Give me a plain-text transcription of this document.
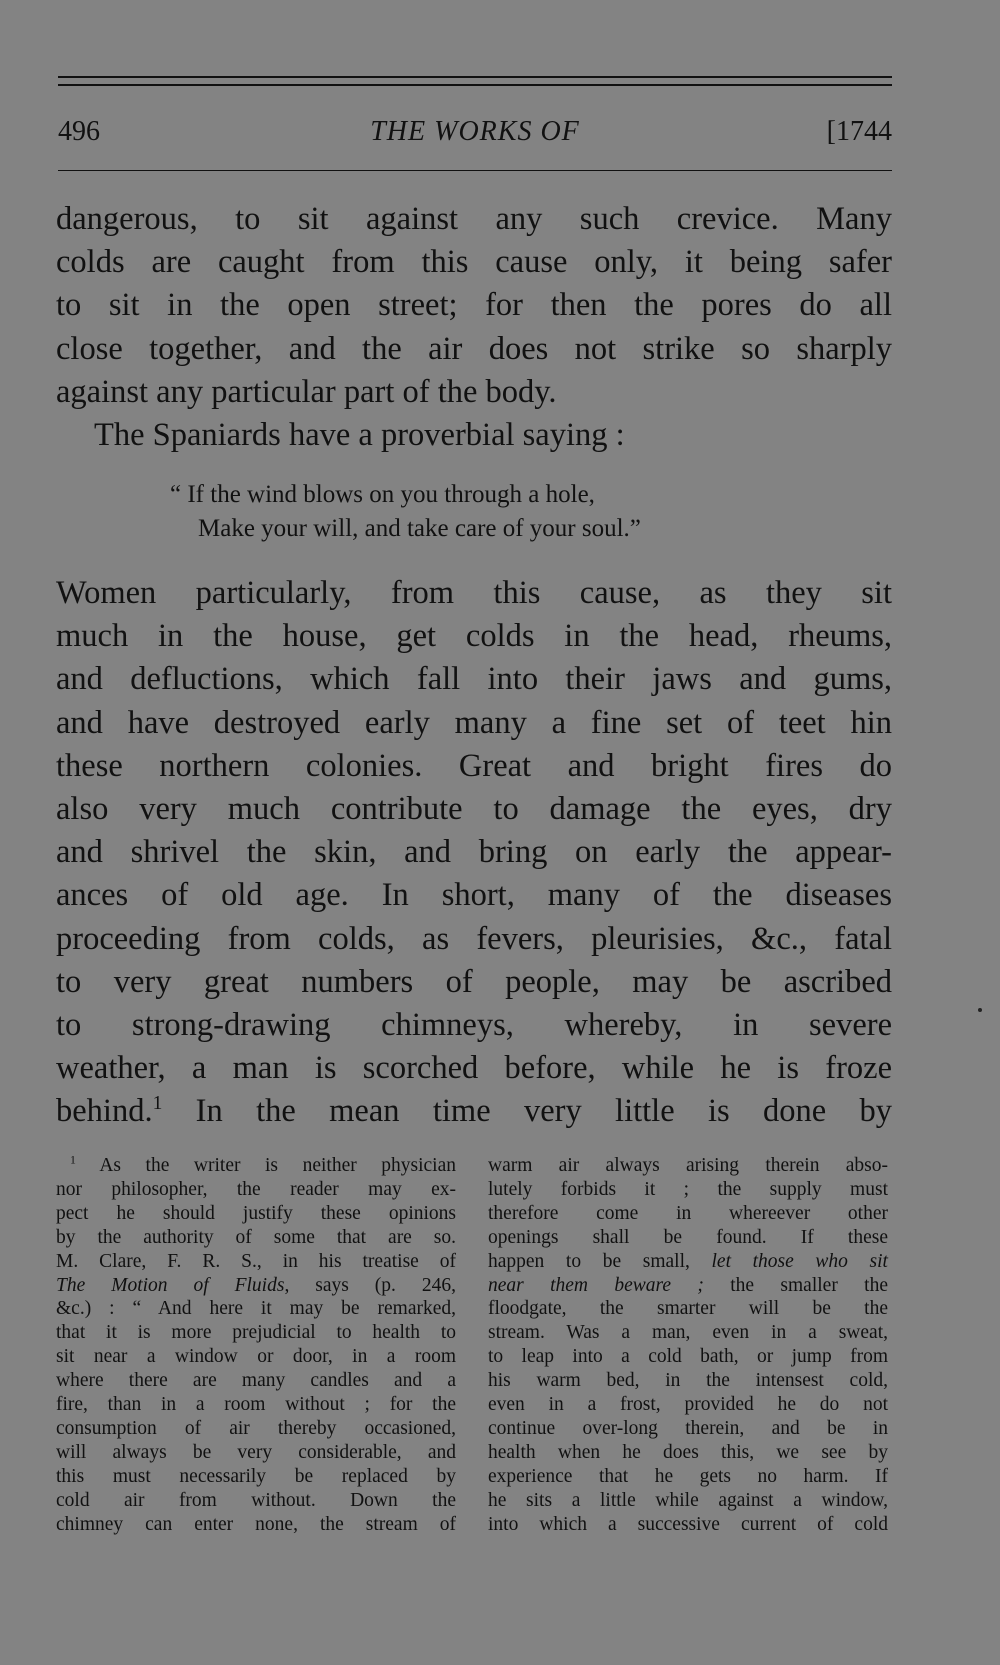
496	THE WORKS OF	[1744
dangerous, to sit against any such crevice. Many
colds are caught from this cause only, it being safer
to sit in the open street; for then the pores do all
close together, and the air does not strike so sharply
against any particular part of the body.
The Spaniards have a proverbial saying :
“ If the wind blows on you through a hole,
Make your will, and take care of your soul.”
Women particularly, from this cause, as they sit
much in the house, get colds in the head, rheums,
and defluctions, which fall into their jaws and gums,
and have destroyed early many a fine set of teet hin
these northern colonies. Great and bright fires do
also very much contribute to damage the eyes, dry
and shrivel the skin, and bring on early the appear-
ances of old age. In short, many of the diseases
proceeding from colds, as fevers, pleurisies, &c., fatal
to very great numbers of people, may be ascribed
to strong-drawing chimneys, whereby, in severe
weather, a man is scorched before, while he is froze
behind.$^1$ In the mean time very little is done by
$^1$ As the writer is neither physician
nor philosopher, the reader may ex-
pect he should justify these opinions
by the authority of some that are so.
M. Clare, F. R. S., in his treatise of
The Motion of Fluids, says (p. 246,
&c.) : “ And here it may be remarked,
that it is more prejudicial to health to
sit near a window or door, in a room
where there are many candles and a
fire, than in a room without ; for the
consumption of air thereby occasioned,
will always be very considerable, and
this must necessarily be replaced by
cold air from without. Down the
chimney can enter none, the stream of
warm air always arising therein abso-
lutely forbids it ; the supply must
therefore come in whereever other
openings shall be found. If these
happen to be small, let those who sit
near them beware ; the smaller the
floodgate, the smarter will be the
stream. Was a man, even in a sweat,
to leap into a cold bath, or jump from
his warm bed, in the intensest cold,
even in a frost, provided he do not
continue over-long therein, and be in
health when he does this, we see by
experience that he gets no harm. If
he sits a little while against a window,
into which a successive current of cold
